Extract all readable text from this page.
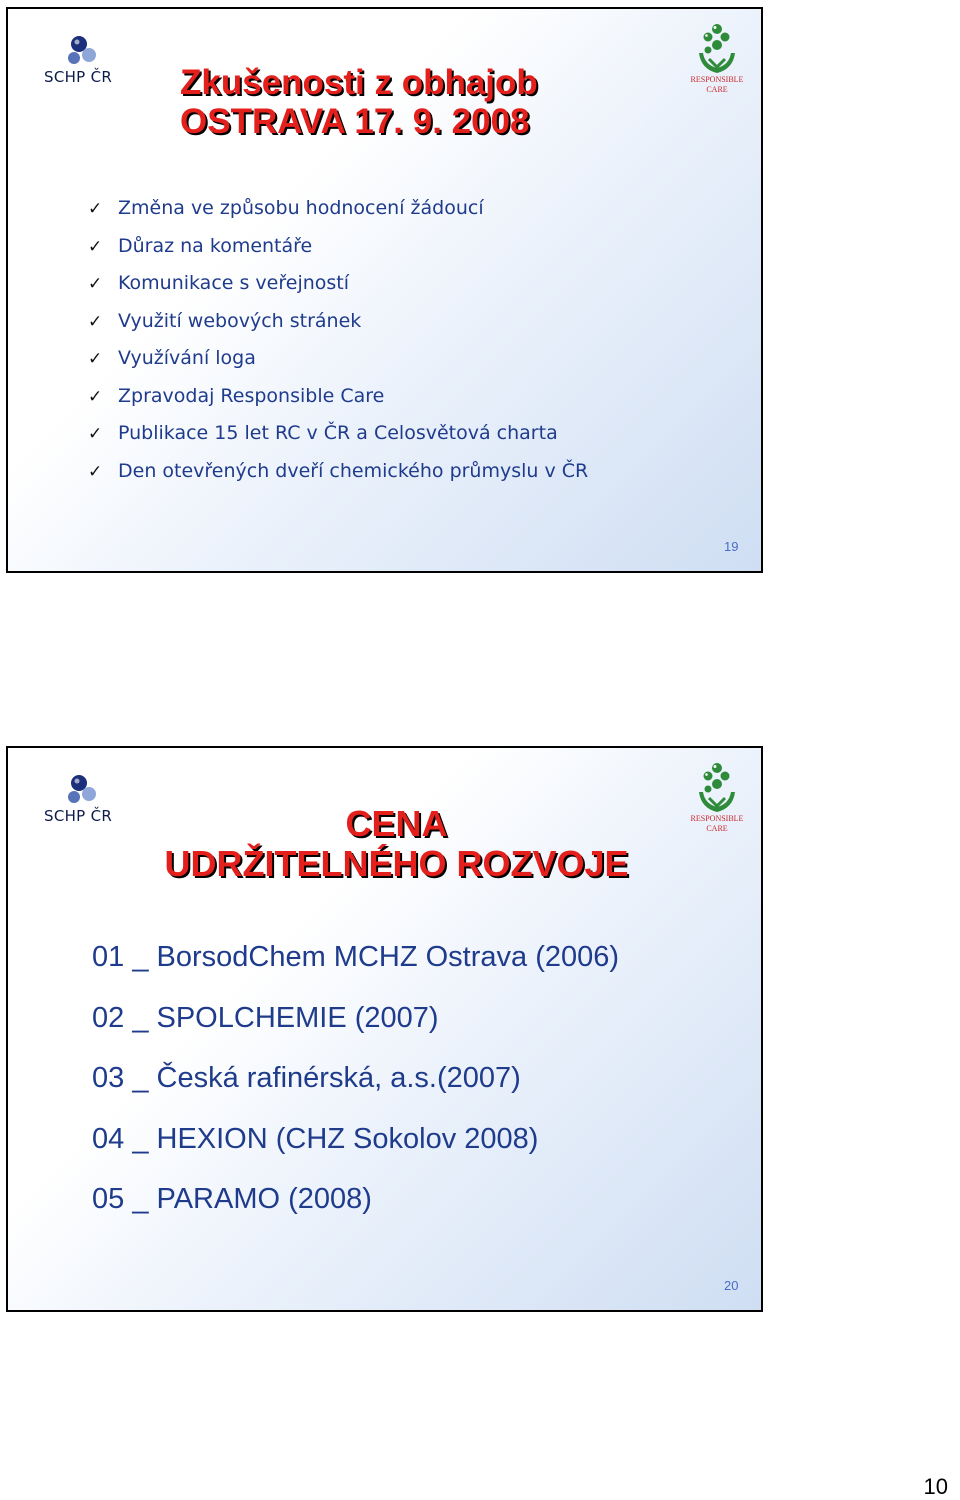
SCHP ČR	RESPONSIBLE
CARE
Zkušenosti z obhajob
OSTRAVA 17. 9. 2008
✓ Změna ve způsobu hodnocení žádoucí
✓ Důraz na komentáře
✓ Komunikace s veřejností
✓ Využití webových stránek
✓ Využívání loga
✓ Zpravodaj Responsible Care
✓ Publikace 15 let RC v ČR a Celosvětová charta
✓ Den otevřených dveří chemického průmyslu v ČR
19
SCHP ČR	RESPONSIBLE
CARE
CENA
UDRŽITELNÉHO ROZVOJE
01 _ BorsodChem MCHZ Ostrava (2006)
02 _ SPOLCHEMIE (2007)
03 _ Česká rafinérská, a.s.(2007)
04 _ HEXION (CHZ Sokolov 2008)
05 _ PARAMO (2008)
20
10
